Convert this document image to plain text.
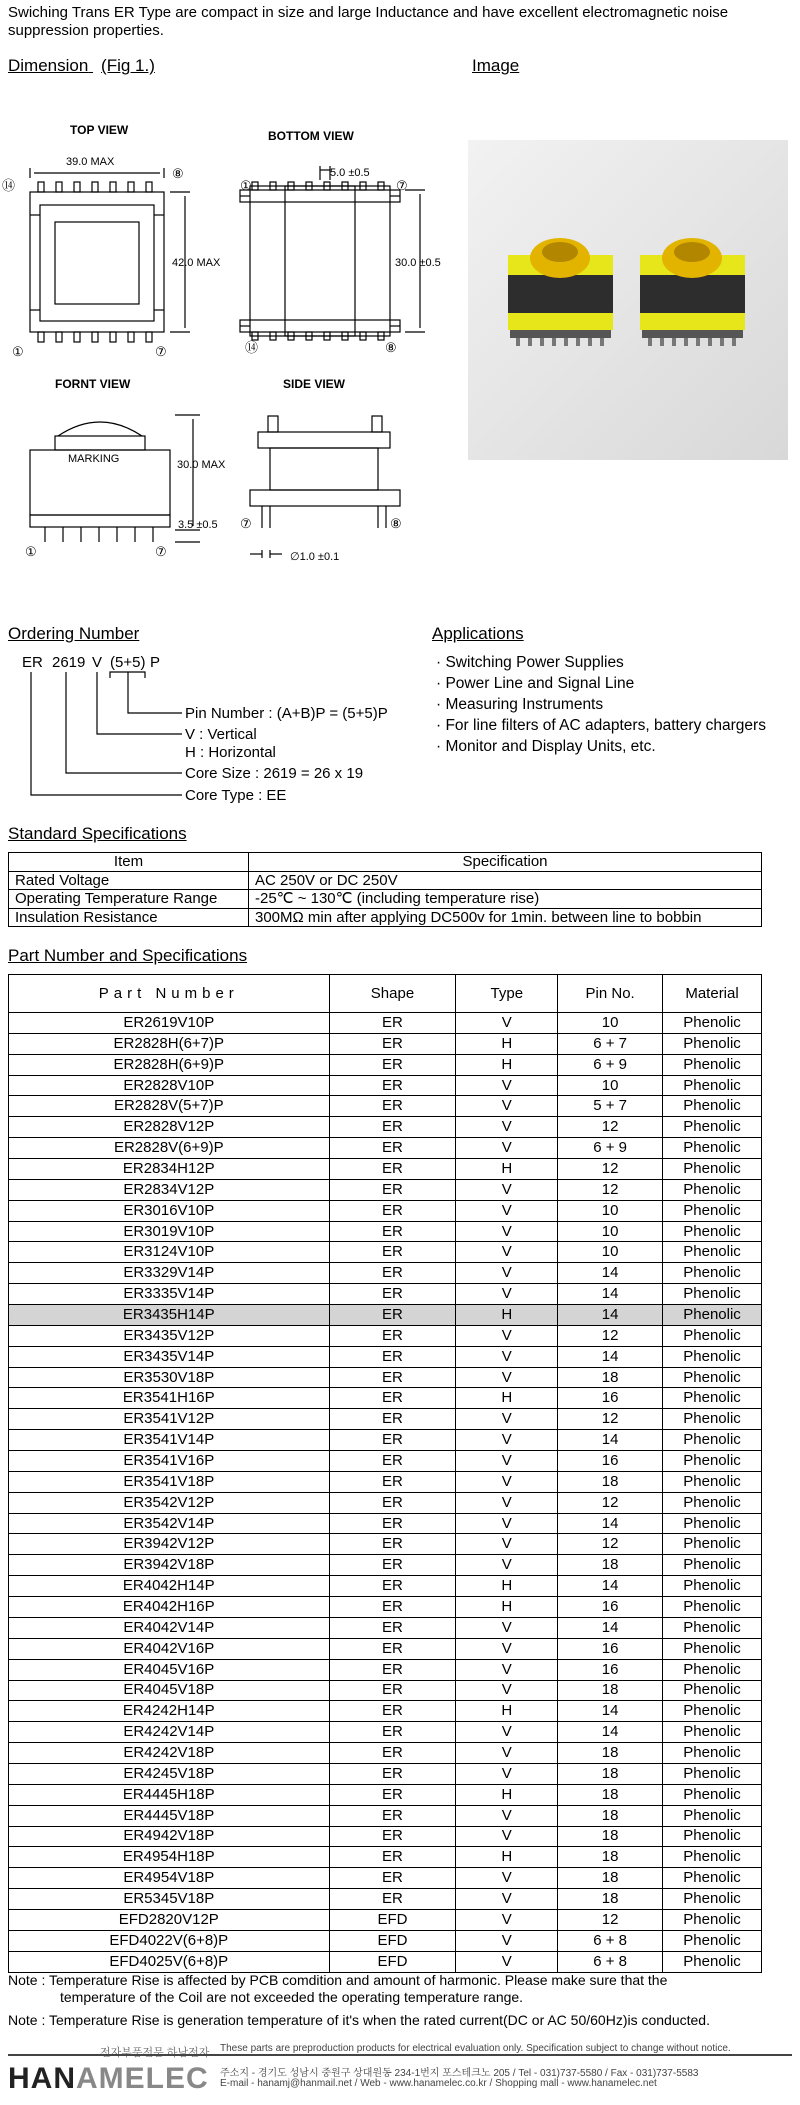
Swiching Trans ER Type are compact in size and large Inductance and have excellent electromagnetic noise suppression properties.

Dimension (Fig 1.)	Image
TOP VIEW	BOTTOM VIEW
FORNT VIEW	SIDE VIEW
39.0 MAX
42.0 MAX
5.0 ±0.5
30.0 ±0.5
MARKING	30.0 MAX
3.5 ±0.5
∅1.0 ±0.1
⑭
⑧
①	⑦
①	⑦
⑭	⑧
①	⑦
⑦	⑧
Ordering Number	Applications
ER 2619 V (5+5) P
Pin Number : (A+B)P = (5+5)P
V : Vertical
H : Horizontal
Core Size : 2619 = 26 x 19
Core Type : EE
· Switching Power Supplies
· Power Line and Signal Line
· Measuring Instruments
· For line filters of AC adapters, battery chargers
· Monitor and Display Units, etc.
Standard Specifications
Item	Specification
Rated Voltage	AC 250V or DC 250V
Operating Temperature Range	-25℃ ~ 130℃ (including temperature rise)
Insulation Resistance	300MΩ min after applying DC500v for 1min. between line to bobbin
Part Number and Specifications
Part Number	Shape	Type	Pin No.	Material
ER2619V10P	ER	V	10	Phenolic
ER2828H(6+7)P	ER	H	6 + 7	Phenolic
ER2828H(6+9)P	ER	H	6 + 9	Phenolic
ER2828V10P	ER	V	10	Phenolic
ER2828V(5+7)P	ER	V	5 + 7	Phenolic
ER2828V12P	ER	V	12	Phenolic
ER2828V(6+9)P	ER	V	6 + 9	Phenolic
ER2834H12P	ER	H	12	Phenolic
ER2834V12P	ER	V	12	Phenolic
ER3016V10P	ER	V	10	Phenolic
ER3019V10P	ER	V	10	Phenolic
ER3124V10P	ER	V	10	Phenolic
ER3329V14P	ER	V	14	Phenolic
ER3335V14P	ER	V	14	Phenolic
ER3435H14P	ER	H	14	Phenolic
ER3435V12P	ER	V	12	Phenolic
ER3435V14P	ER	V	14	Phenolic
ER3530V18P	ER	V	18	Phenolic
ER3541H16P	ER	H	16	Phenolic
ER3541V12P	ER	V	12	Phenolic
ER3541V14P	ER	V	14	Phenolic
ER3541V16P	ER	V	16	Phenolic
ER3541V18P	ER	V	18	Phenolic
ER3542V12P	ER	V	12	Phenolic
ER3542V14P	ER	V	14	Phenolic
ER3942V12P	ER	V	12	Phenolic
ER3942V18P	ER	V	18	Phenolic
ER4042H14P	ER	H	14	Phenolic
ER4042H16P	ER	H	16	Phenolic
ER4042V14P	ER	V	14	Phenolic
ER4042V16P	ER	V	16	Phenolic
ER4045V16P	ER	V	16	Phenolic
ER4045V18P	ER	V	18	Phenolic
ER4242H14P	ER	H	14	Phenolic
ER4242V14P	ER	V	14	Phenolic
ER4242V18P	ER	V	18	Phenolic
ER4245V18P	ER	V	18	Phenolic
ER4445H18P	ER	H	18	Phenolic
ER4445V18P	ER	V	18	Phenolic
ER4942V18P	ER	V	18	Phenolic
ER4954H18P	ER	H	18	Phenolic
ER4954V18P	ER	V	18	Phenolic
ER5345V18P	ER	V	18	Phenolic
EFD2820V12P	EFD	V	12	Phenolic
EFD4022V(6+8)P	EFD	V	6 + 8	Phenolic
EFD4025V(6+8)P	EFD	V	6 + 8	Phenolic

Note : Temperature Rise is affected by PCB comdition and amount of harmonic. Please make sure that the
temperature of the Coil are not exceeded the operating temperature range.

Note : Temperature Rise is generation temperature of it's when the rated current(DC or AC 50/60Hz)is conducted.

전자부품전문 하남전자 These parts are preproduction products for electrical evaluation only. Specification subject to change without notice.
HANAMELEC 주소지 - 경기도 성남시 중원구 상대원동 234-1번지 포스테크노 205 / Tel - 031)737-5580 / Fax - 031)737-5583
E-mail - hanamj@hanmail.net / Web - www.hanamelec.co.kr / Shopping mall - www.hanamelec.net
